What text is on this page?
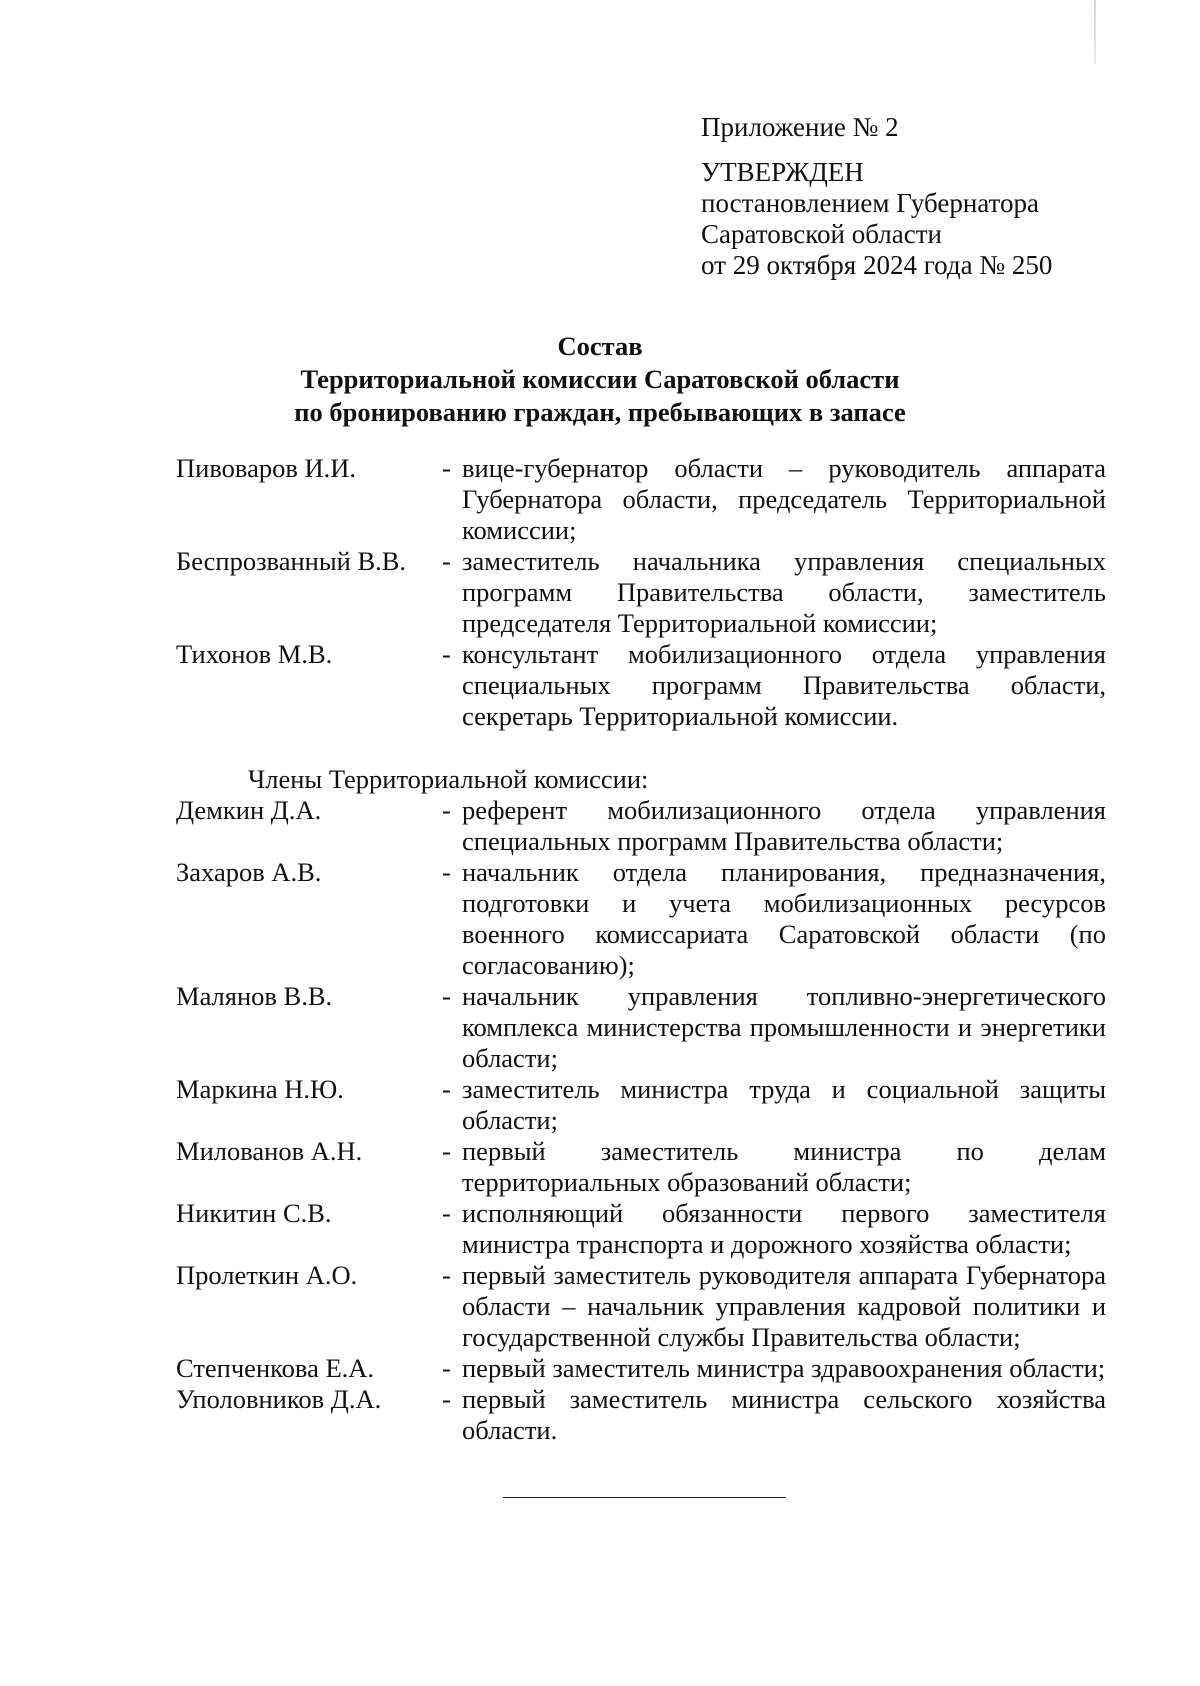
Приложение № 2
УТВЕРЖДЕН
постановлением Губернатора
Саратовской области
от 29 октября 2024 года № 250
Состав
Территориальной комиссии Саратовской области
по бронированию граждан, пребывающих в запасе
Пивоваров И.И.	- вице-губернатор области – руководитель аппарата Губернатора области, председатель Территориальной комиссии;
Беспрозванный В.В.	- заместитель начальника управления специальных программ Правительства области, заместитель председателя Территориальной комиссии;
Тихонов М.В.	- консультант мобилизационного отдела управления специальных программ Правительства области, секретарь Территориальной комиссии.
Члены Территориальной комиссии:
Демкин Д.А.	- референт мобилизационного отдела управления специальных программ Правительства области;
Захаров А.В.	- начальник отдела планирования, предназначения, подготовки и учета мобилизационных ресурсов военного комиссариата Саратовской области (по согласованию);
Малянов В.В.	- начальник управления топливно-энергетического комплекса министерства промышленности и энергетики области;
Маркина Н.Ю.	- заместитель министра труда и социальной защиты области;
Милованов А.Н.	- первый заместитель министра по делам территориальных образований области;
Никитин С.В.	- исполняющий обязанности первого заместителя министра транспорта и дорожного хозяйства области;
Пролеткин А.О.	- первый заместитель руководителя аппарата Губернатора области – начальник управления кадровой политики и государственной службы Правительства области;
Степченкова Е.А.	- первый заместитель министра здравоохранения области;
Уполовников Д.А.	- первый заместитель министра сельского хозяйства области.
